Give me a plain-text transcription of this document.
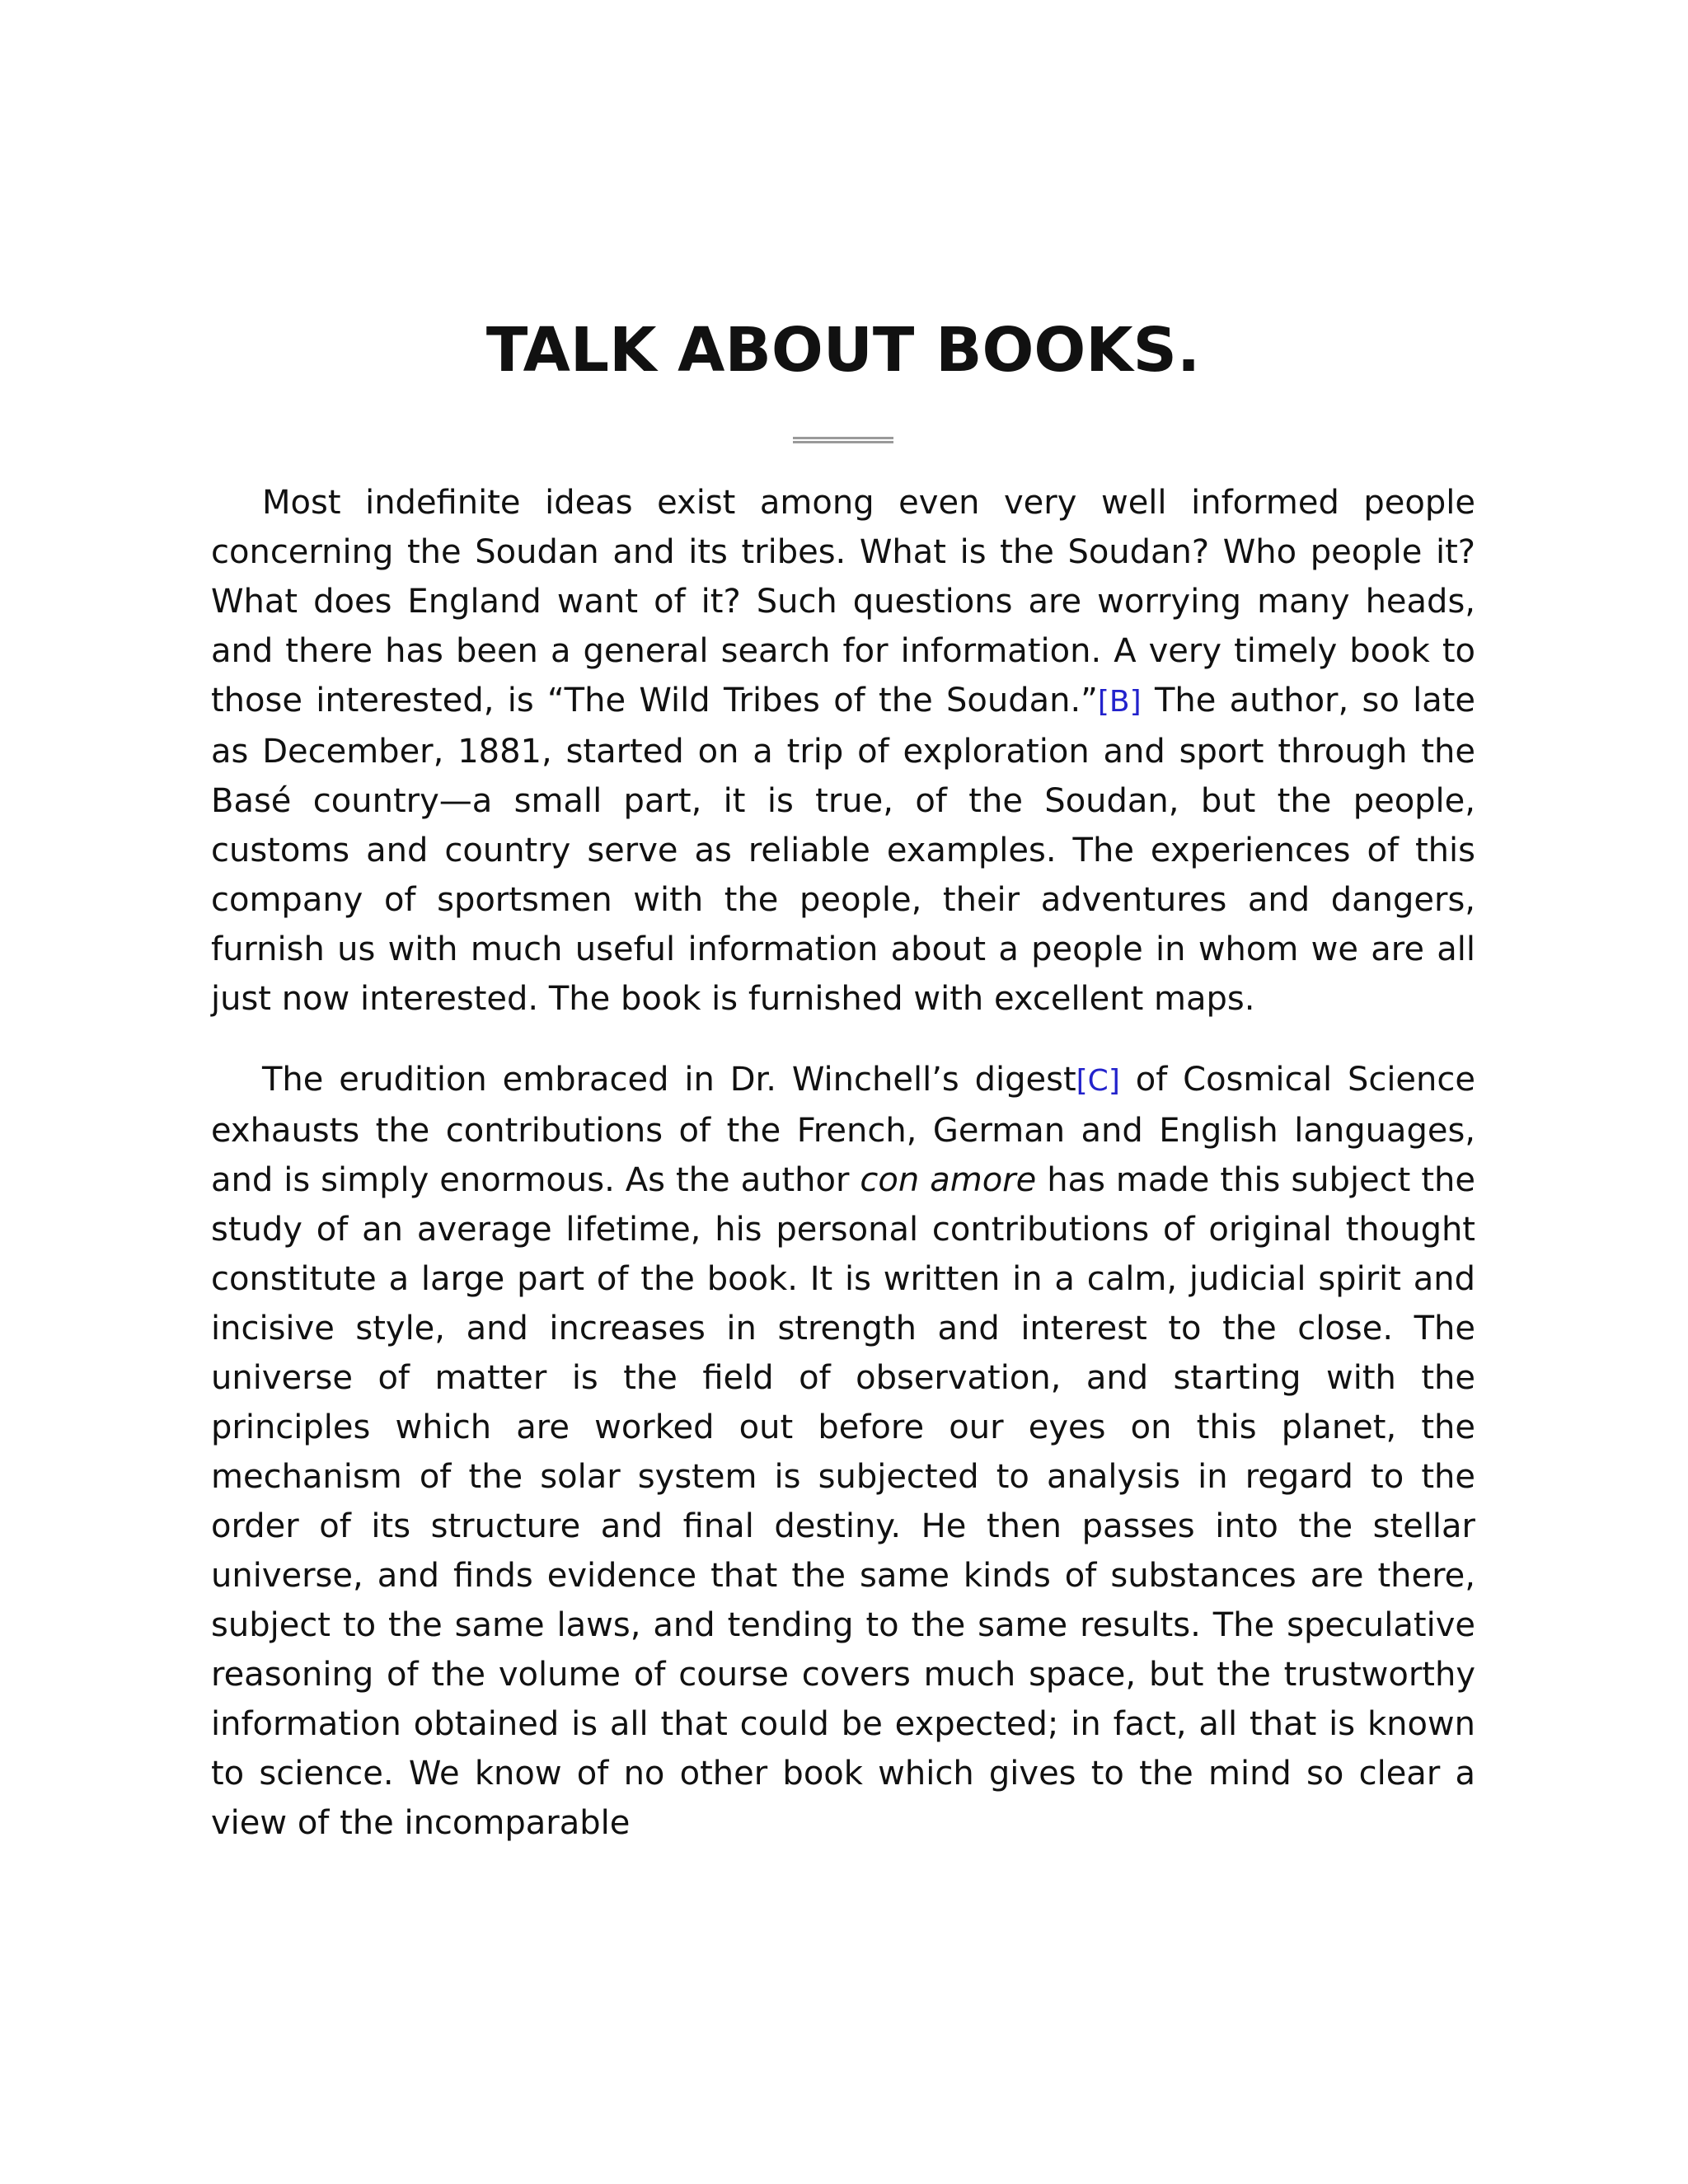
TALK ABOUT BOOKS.

Most indefinite ideas exist among even very well informed people concerning the Soudan and its tribes. What is the Soudan? Who people it? What does England want of it? Such questions are worrying many heads, and there has been a general search for information. A very timely book to those interested, is “The Wild Tribes of the Soudan.”[B] The author, so late as December, 1881, started on a trip of exploration and sport through the Basé country—a small part, it is true, of the Soudan, but the people, customs and country serve as reliable examples. The experiences of this company of sportsmen with the people, their adventures and dangers, furnish us with much useful information about a people in whom we are all just now interested. The book is furnished with excellent maps.

The erudition embraced in Dr. Winchell’s digest[C] of Cosmical Science exhausts the contributions of the French, German and English languages, and is simply enormous. As the author con amore has made this subject the study of an average lifetime, his personal contributions of original thought constitute a large part of the book. It is written in a calm, judicial spirit and incisive style, and increases in strength and interest to the close. The universe of matter is the field of observation, and starting with the principles which are worked out before our eyes on this planet, the mechanism of the solar system is subjected to analysis in regard to the order of its structure and final destiny. He then passes into the stellar universe, and finds evidence that the same kinds of substances are there, subject to the same laws, and tending to the same results. The speculative reasoning of the volume of course covers much space, but the trustworthy information obtained is all that could be expected; in fact, all that is known to science. We know of no other book which gives to the mind so clear a view of the incomparable
